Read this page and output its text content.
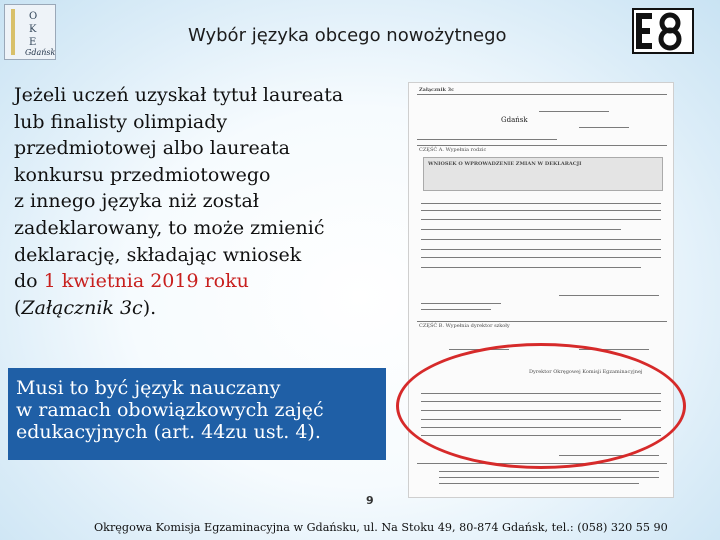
O
K
E
Gdańsk
Wybór języka obcego nowożytnego
Jeżeli uczeń uzyskał tytuł laureata
lub finalisty olimpiady
przedmiotowej albo laureata
konkursu przedmiotowego
z innego języka niż został
zadeklarowany, to może zmienić
deklarację, składając wniosek
do 1 kwietnia 2019 roku
(Załącznik 3c).
Załącznik 3c
Gdańsk
CZĘŚĆ A. Wypełnia rodzic
WNIOSEK O WPROWADZENIE ZMIAN W DEKLARACJI
CZĘŚĆ B. Wypełnia dyrektor szkoły
Dyrektor Okręgowej Komisji Egzaminacyjnej
Musi to być język nauczany
w ramach obowiązkowych zajęć
edukacyjnych (art. 44zu ust. 4).
9
Okręgowa Komisja Egzaminacyjna w Gdańsku, ul. Na Stoku 49, 80-874 Gdańsk, tel.: (058) 320 55 90
